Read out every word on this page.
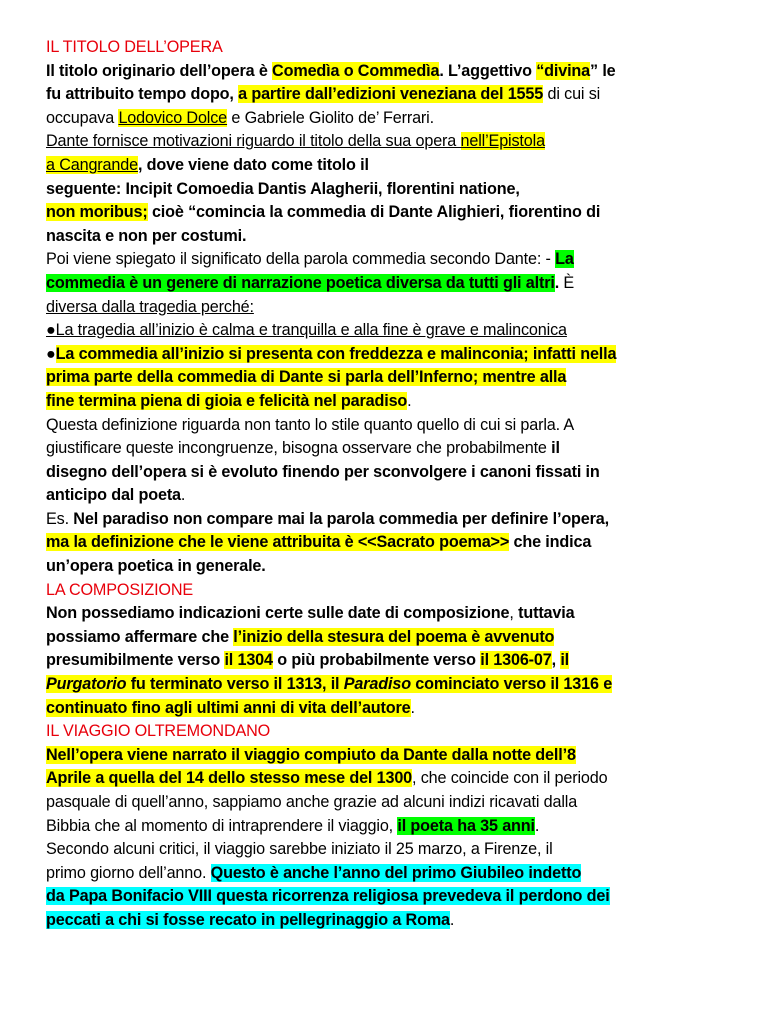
IL TITOLO DELL’OPERA
Il titolo originario dell’opera è Comedìa o Commedìa. L’aggettivo “divina” le
fu attribuito tempo dopo, a partire dall’edizioni veneziana del 1555 di cui si
occupava Lodovico Dolce e Gabriele Giolito de’ Ferrari.
Dante fornisce motivazioni riguardo il titolo della sua opera nell’Epistola
a Cangrande, dove viene dato come titolo il
seguente: Incipit Comoedia Dantis Alagherii, florentini natione,
non moribus; cioè “comincia la commedia di Dante Alighieri, fiorentino di
nascita e non per costumi.
Poi viene spiegato il significato della parola commedia secondo Dante: - La
commedia è un genere di narrazione poetica diversa da tutti gli altri. È
diversa dalla tragedia perché:
●La tragedia all’inizio è calma e tranquilla e alla fine è grave e malinconica
●La commedia all’inizio si presenta con freddezza e malinconia; infatti nella
prima parte della commedia di Dante si parla dell’Inferno; mentre alla
fine termina piena di gioia e felicità nel paradiso.
Questa definizione riguarda non tanto lo stile quanto quello di cui si parla. A
giustificare queste incongruenze, bisogna osservare che probabilmente il
disegno dell’opera si è evoluto finendo per sconvolgere i canoni fissati in
anticipo dal poeta.
Es. Nel paradiso non compare mai la parola commedia per definire l’opera,
ma la definizione che le viene attribuita è <<Sacrato poema>> che indica
un’opera poetica in generale.
LA COMPOSIZIONE
Non possediamo indicazioni certe sulle date di composizione, tuttavia
possiamo affermare che l’inizio della stesura del poema è avvenuto
presumibilmente verso il 1304 o più probabilmente verso il 1306-07, il
Purgatorio fu terminato verso il 1313, il Paradiso cominciato verso il 1316 e
continuato fino agli ultimi anni di vita dell’autore.
IL VIAGGIO OLTREMONDANO
Nell’opera viene narrato il viaggio compiuto da Dante dalla notte dell’8
Aprile a quella del 14 dello stesso mese del 1300, che coincide con il periodo
pasquale di quell’anno, sappiamo anche grazie ad alcuni indizi ricavati dalla
Bibbia che al momento di intraprendere il viaggio, il poeta ha 35 anni.
Secondo alcuni critici, il viaggio sarebbe iniziato il 25 marzo, a Firenze, il
primo giorno dell’anno. Questo è anche l’anno del primo Giubileo indetto
da Papa Bonifacio VIII questa ricorrenza religiosa prevedeva il perdono dei
peccati a chi si fosse recato in pellegrinaggio a Roma.
